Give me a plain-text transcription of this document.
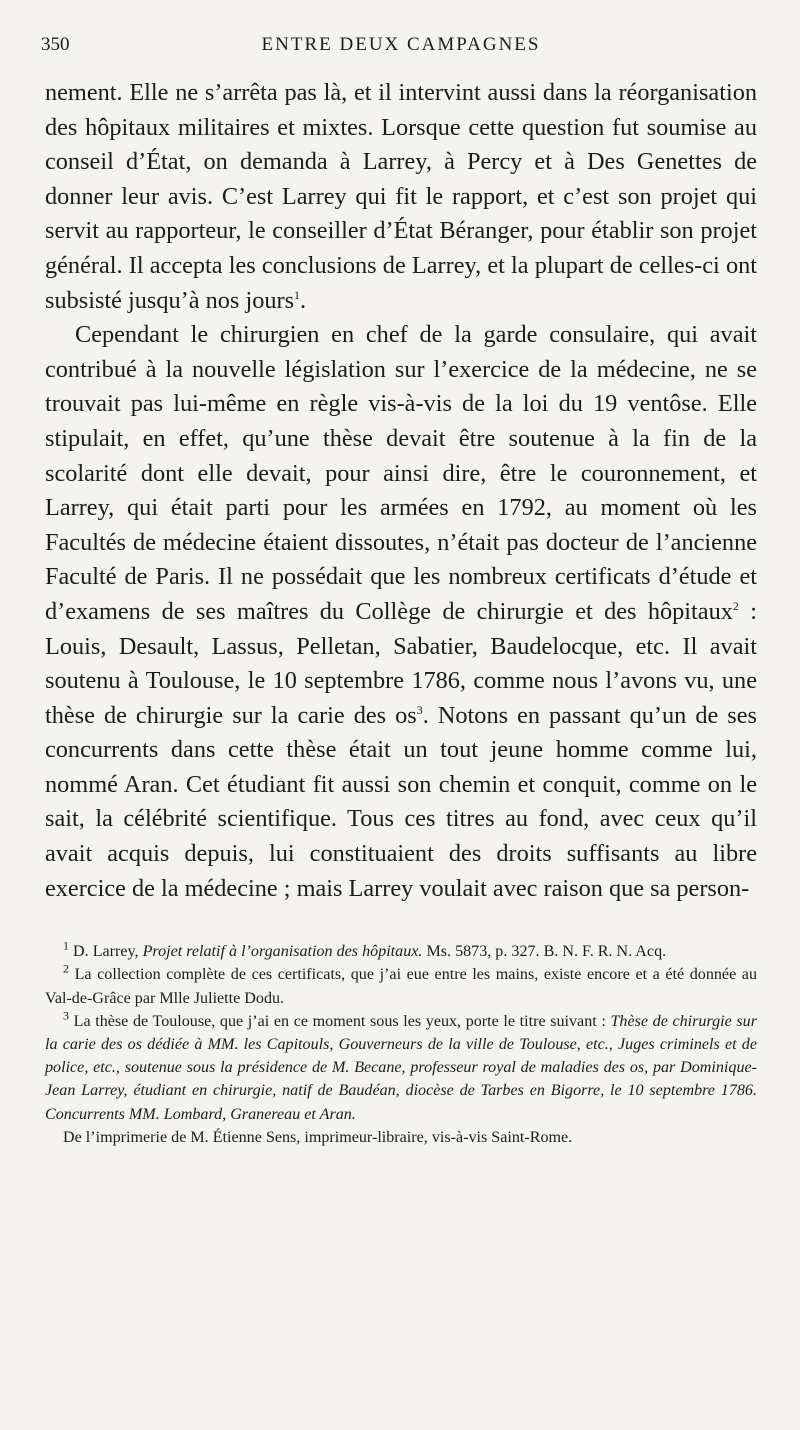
350	ENTRE DEUX CAMPAGNES

nement. Elle ne s’arrêta pas là, et il intervint aussi dans la réorganisation des hôpitaux militaires et mixtes. Lorsque cette question fut soumise au conseil d’État, on demanda à Larrey, à Percy et à Des Genettes de donner leur avis. C’est Larrey qui fit le rapport, et c’est son projet qui servit au rapporteur, le conseiller d’État Béranger, pour établir son projet général. Il accepta les conclusions de Larrey, et la plupart de celles-ci ont subsisté jusqu’à nos jours$^1$.

Cependant le chirurgien en chef de la garde consulaire, qui avait contribué à la nouvelle législation sur l’exercice de la médecine, ne se trouvait pas lui-même en règle vis-à-vis de la loi du 19 ventôse. Elle stipulait, en effet, qu’une thèse devait être soutenue à la fin de la scolarité dont elle devait, pour ainsi dire, être le couronnement, et Larrey, qui était parti pour les armées en 1792, au moment où les Facultés de médecine étaient dissoutes, n’était pas docteur de l’ancienne Faculté de Paris. Il ne possédait que les nombreux certificats d’étude et d’examens de ses maîtres du Collège de chirurgie et des hôpitaux$^2$ : Louis, Desault, Lassus, Pelletan, Sabatier, Baudelocque, etc. Il avait soutenu à Toulouse, le 10 septembre 1786, comme nous l’avons vu, une thèse de chirurgie sur la carie des $os^3$. Notons en passant qu’un de ses concurrents dans cette thèse était un tout jeune homme comme lui, nommé Aran. Cet étudiant fit aussi son chemin et conquit, comme on le sait, la célébrité scientifique. Tous ces titres au fond, avec ceux qu’il avait acquis depuis, lui constituaient des droits suffisants au libre exercice de la médecine ; mais Larrey voulait avec raison que sa person-

$^1$ D. Larrey, Projet relatif à l’organisation des hôpitaux. Ms. 5873, p. 327. B. N. F. R. N. Acq.

$^2$ La collection complète de ces certificats, que j’ai eue entre les mains, existe encore et a été donnée au Val-de-Grâce par Mlle Juliette Dodu.

$^3$ La thèse de Toulouse, que j’ai en ce moment sous les yeux, porte le titre suivant : Thèse de chirurgie sur la carie des os dédiée à MM. les Capitouls, Gouverneurs de la ville de Toulouse, etc., Juges criminels et de police, etc., soutenue sous la présidence de M. Becane, professeur royal de maladies des os, par Dominique-Jean Larrey, étudiant en chirurgie, natif de Baudéan, diocèse de Tarbes en Bigorre, le 10 septembre 1786. Concurrents MM. Lombard, Granereau et Aran.

De l’imprimerie de M. Étienne Sens, imprimeur-libraire, vis-à-vis Saint-Rome.
